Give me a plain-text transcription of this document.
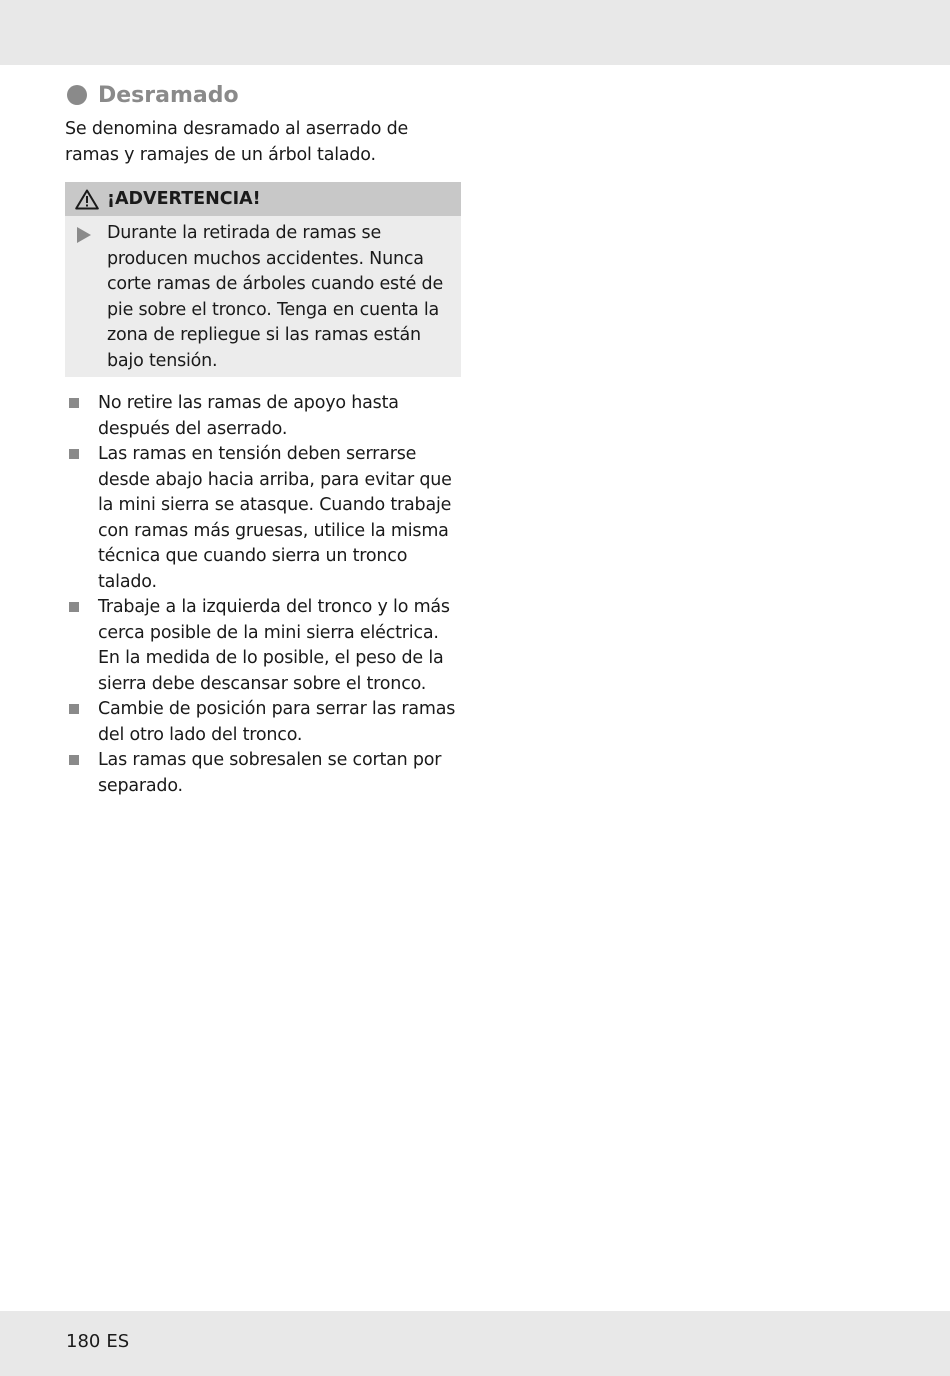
Desramado
Se denomina desramado al aserrado de ramas y ramajes de un árbol talado.
¡ADVERTENCIA!
Durante la retirada de ramas se producen muchos accidentes. Nunca corte ramas de árboles cuando esté de pie sobre el tronco. Tenga en cuenta la zona de repliegue si las ramas están bajo tensión.
No retire las ramas de apoyo hasta después del aserrado.
Las ramas en tensión deben serrarse desde abajo hacia arriba, para evitar que la mini sierra se atasque. Cuando trabaje con ramas más gruesas, utilice la misma técnica que cuando sierra un tronco talado.
Trabaje a la izquierda del tronco y lo más cerca posible de la mini sierra eléctrica. En la medida de lo posible, el peso de la sierra debe descansar sobre el tronco.
Cambie de posición para serrar las ramas del otro lado del tronco.
Las ramas que sobresalen se cortan por separado.
180 ES
